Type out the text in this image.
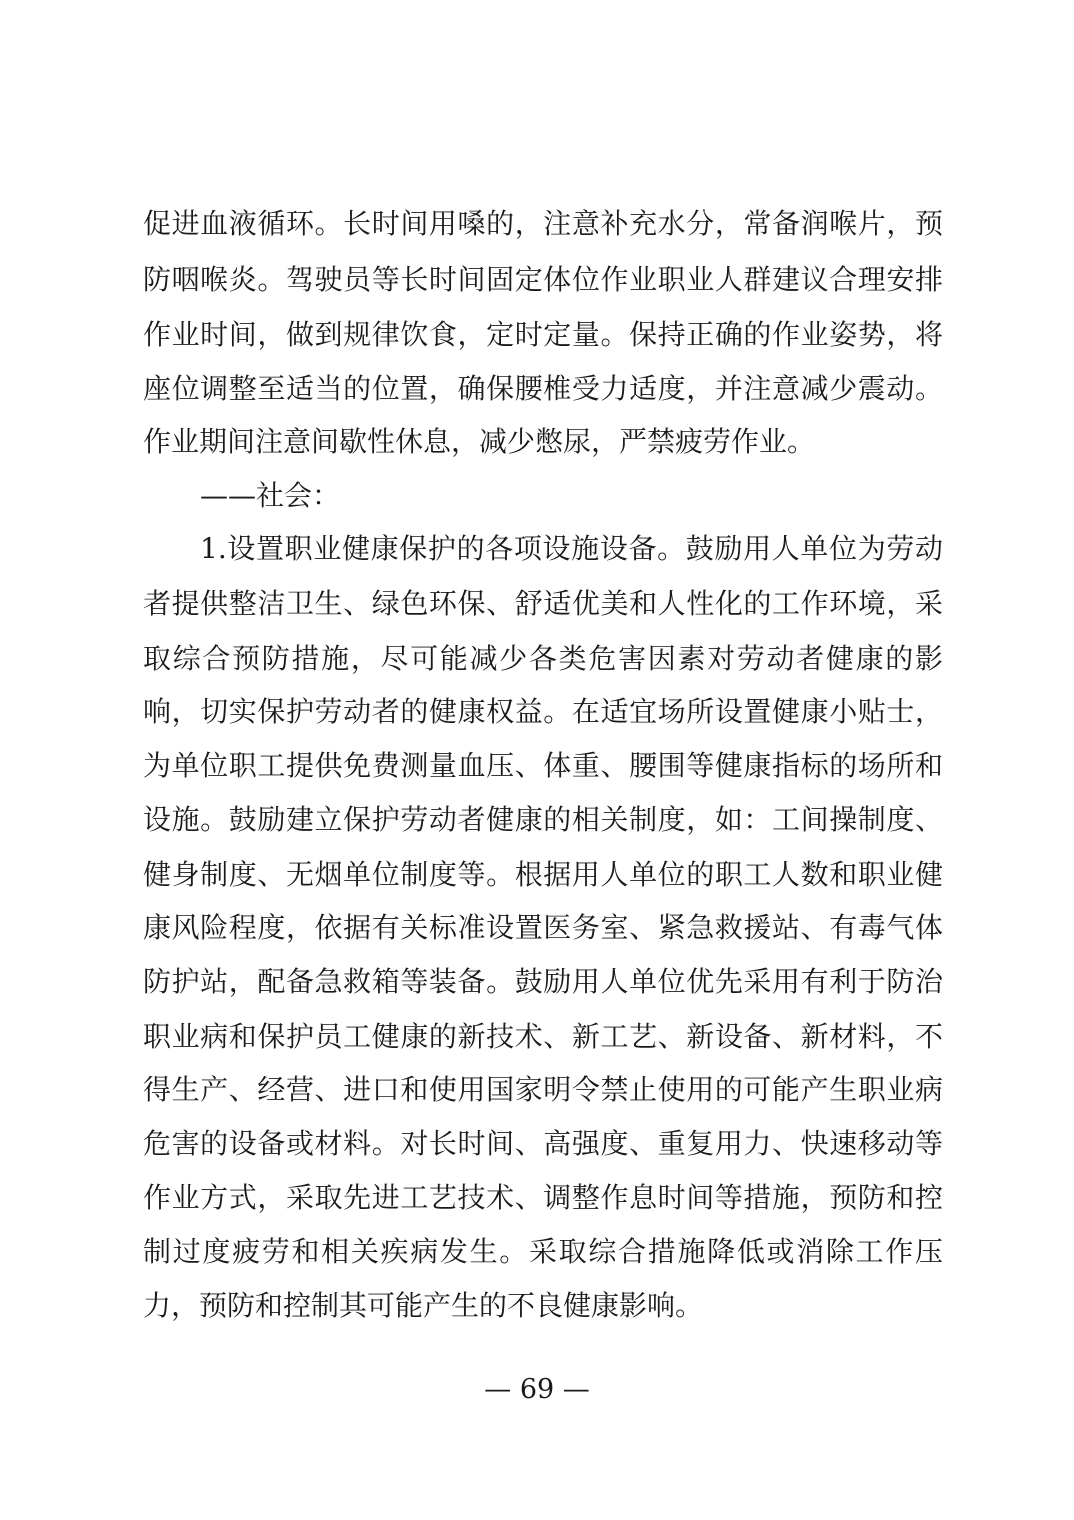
促进血液循环。长时间用嗓的，注意补充水分，常备润喉片，预
防咽喉炎。驾驶员等长时间固定体位作业职业人群建议合理安排
作业时间，做到规律饮食，定时定量。保持正确的作业姿势，将
座位调整至适当的位置，确保腰椎受力适度，并注意减少震动。
作业期间注意间歇性休息，减少憋尿，严禁疲劳作业。
——社会：
1.设置职业健康保护的各项设施设备。鼓励用人单位为劳动
者提供整洁卫生、绿色环保、舒适优美和人性化的工作环境，采
取综合预防措施，尽可能减少各类危害因素对劳动者健康的影
响，切实保护劳动者的健康权益。在适宜场所设置健康小贴士，
为单位职工提供免费测量血压、体重、腰围等健康指标的场所和
设施。鼓励建立保护劳动者健康的相关制度，如：工间操制度、
健身制度、无烟单位制度等。根据用人单位的职工人数和职业健
康风险程度，依据有关标准设置医务室、紧急救援站、有毒气体
防护站，配备急救箱等装备。鼓励用人单位优先采用有利于防治
职业病和保护员工健康的新技术、新工艺、新设备、新材料，不
得生产、经营、进口和使用国家明令禁止使用的可能产生职业病
危害的设备或材料。对长时间、高强度、重复用力、快速移动等
作业方式，采取先进工艺技术、调整作息时间等措施，预防和控
制过度疲劳和相关疾病发生。采取综合措施降低或消除工作压
力，预防和控制其可能产生的不良健康影响。
— 69 —
